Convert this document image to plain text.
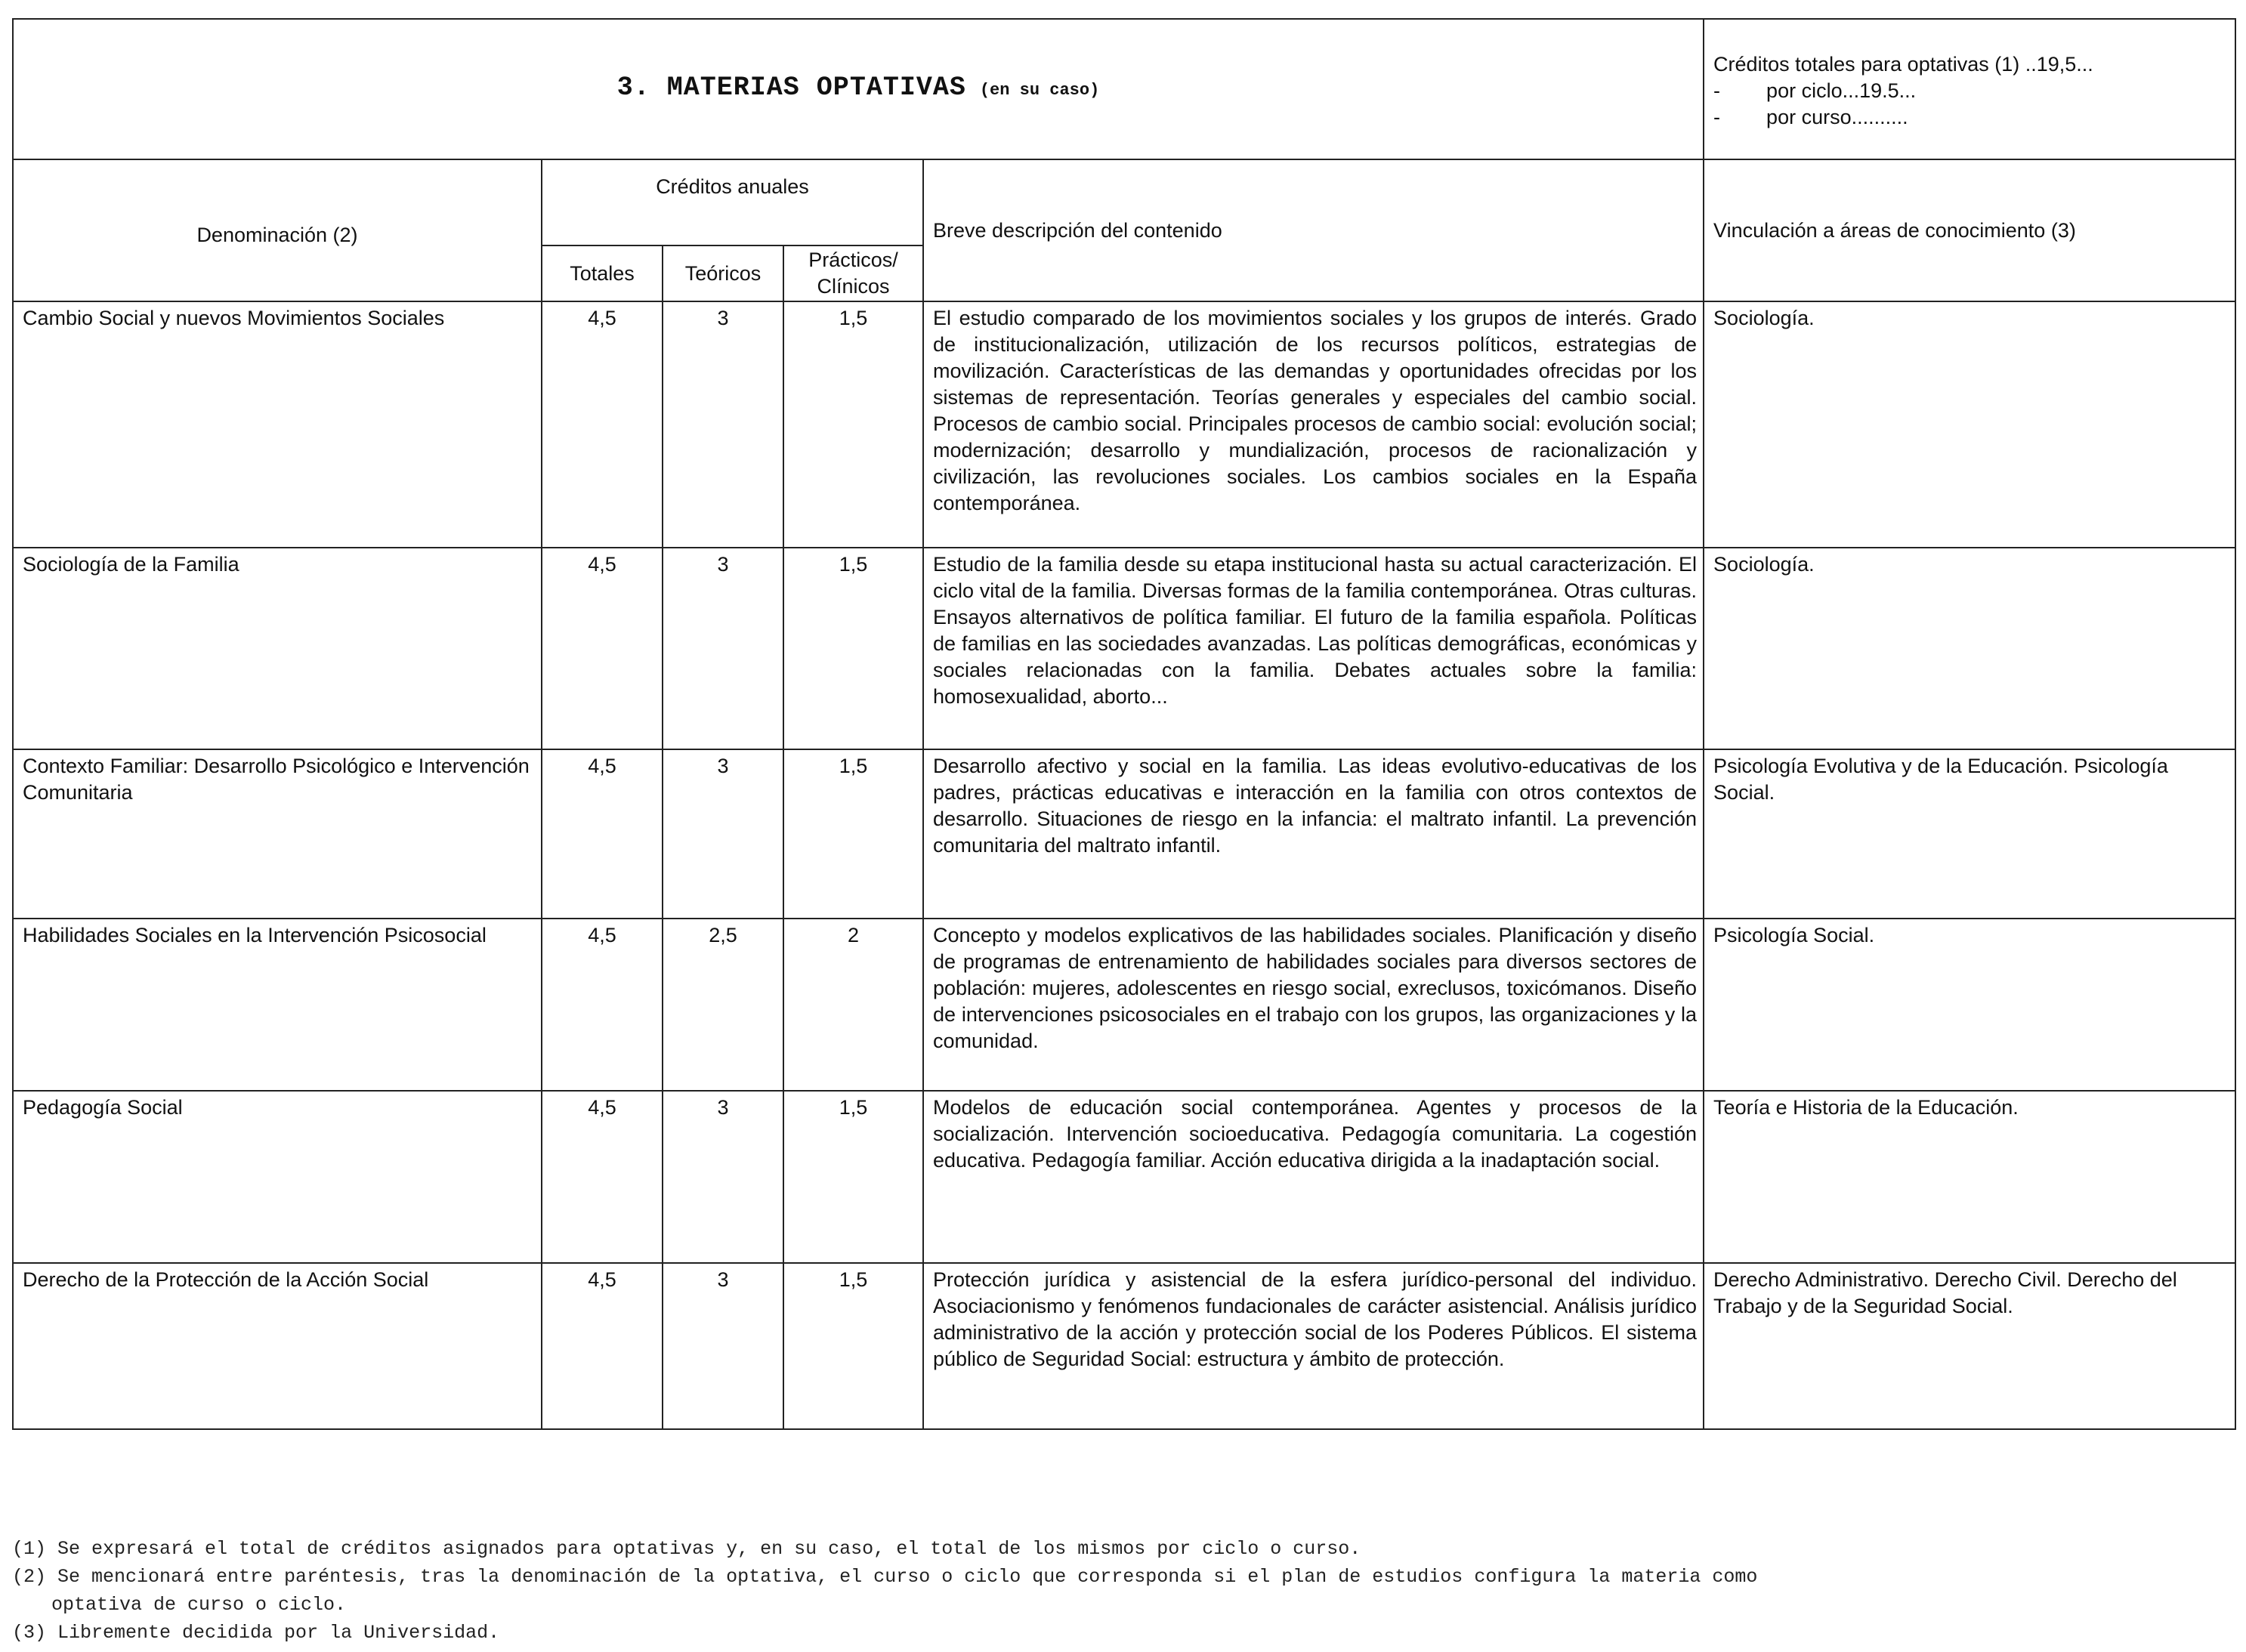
3. MATERIAS OPTATIVAS (en su caso)					Créditos totales para optativas (1) ..19,5...
- por ciclo...19.5...
- por curso..........

Denominación (2)	Créditos anuales			Breve descripción del contenido	Vinculación a áreas de conocimiento (3)
	Totales	Teóricos	Prácticos/ Clínicos		
Cambio Social y nuevos Movimientos Sociales	4,5	3	1,5	El estudio comparado de los movimientos sociales y los grupos de interés. Grado de institucionalización, utilización de los recursos políticos, estrategias de movilización. Características de las demandas y oportunidades ofrecidas por los sistemas de representación. Teorías generales y especiales del cambio social. Procesos de cambio social. Principales procesos de cambio social: evolución social; modernización; desarrollo y mundialización, procesos de racionalización y civilización, las revoluciones sociales. Los cambios sociales en la España contemporánea.	Sociología.
Sociología de la Familia	4,5	3	1,5	Estudio de la familia desde su etapa institucional hasta su actual caracterización. El ciclo vital de la familia. Diversas formas de la familia contemporánea. Otras culturas. Ensayos alternativos de política familiar. El futuro de la familia española. Políticas de familias en las sociedades avanzadas. Las políticas demográficas, económicas y sociales relacionadas con la familia. Debates actuales sobre la familia: homosexualidad, aborto...	Sociología.
Contexto Familiar: Desarrollo Psicológico e Intervención Comunitaria	4,5	3	1,5	Desarrollo afectivo y social en la familia. Las ideas evolutivo-educativas de los padres, prácticas educativas e interacción en la familia con otros contextos de desarrollo. Situaciones de riesgo en la infancia: el maltrato infantil. La prevención comunitaria del maltrato infantil.	Psicología Evolutiva y de la Educación. Psicología Social.
Habilidades Sociales en la Intervención Psicosocial	4,5	2,5	2	Concepto y modelos explicativos de las habilidades sociales. Planificación y diseño de programas de entrenamiento de habilidades sociales para diversos sectores de población: mujeres, adolescentes en riesgo social, exreclusos, toxicómanos. Diseño de intervenciones psicosociales en el trabajo con los grupos, las organizaciones y la comunidad.	Psicología Social.
Pedagogía Social	4,5	3	1,5	Modelos de educación social contemporánea. Agentes y procesos de la socialización. Intervención socioeducativa. Pedagogía comunitaria. La cogestión educativa. Pedagogía familiar. Acción educativa dirigida a la inadaptación social.	Teoría e Historia de la Educación.
Derecho de la Protección de la Acción Social	4,5	3	1,5	Protección jurídica y asistencial de la esfera jurídico-personal del individuo. Asociacionismo y fenómenos fundacionales de carácter asistencial. Análisis jurídico administrativo de la acción y protección social de los Poderes Públicos. El sistema público de Seguridad Social: estructura y ámbito de protección.	Derecho Administrativo. Derecho Civil. Derecho del Trabajo y de la Seguridad Social.

(1) Se expresará el total de créditos asignados para optativas y, en su caso, el total de los mismos por ciclo o curso.

(2) Se mencionará entre paréntesis, tras la denominación de la optativa, el curso o ciclo que corresponda si el plan de estudios configura la materia como

optativa de curso o ciclo.

(3) Libremente decidida por la Universidad.
